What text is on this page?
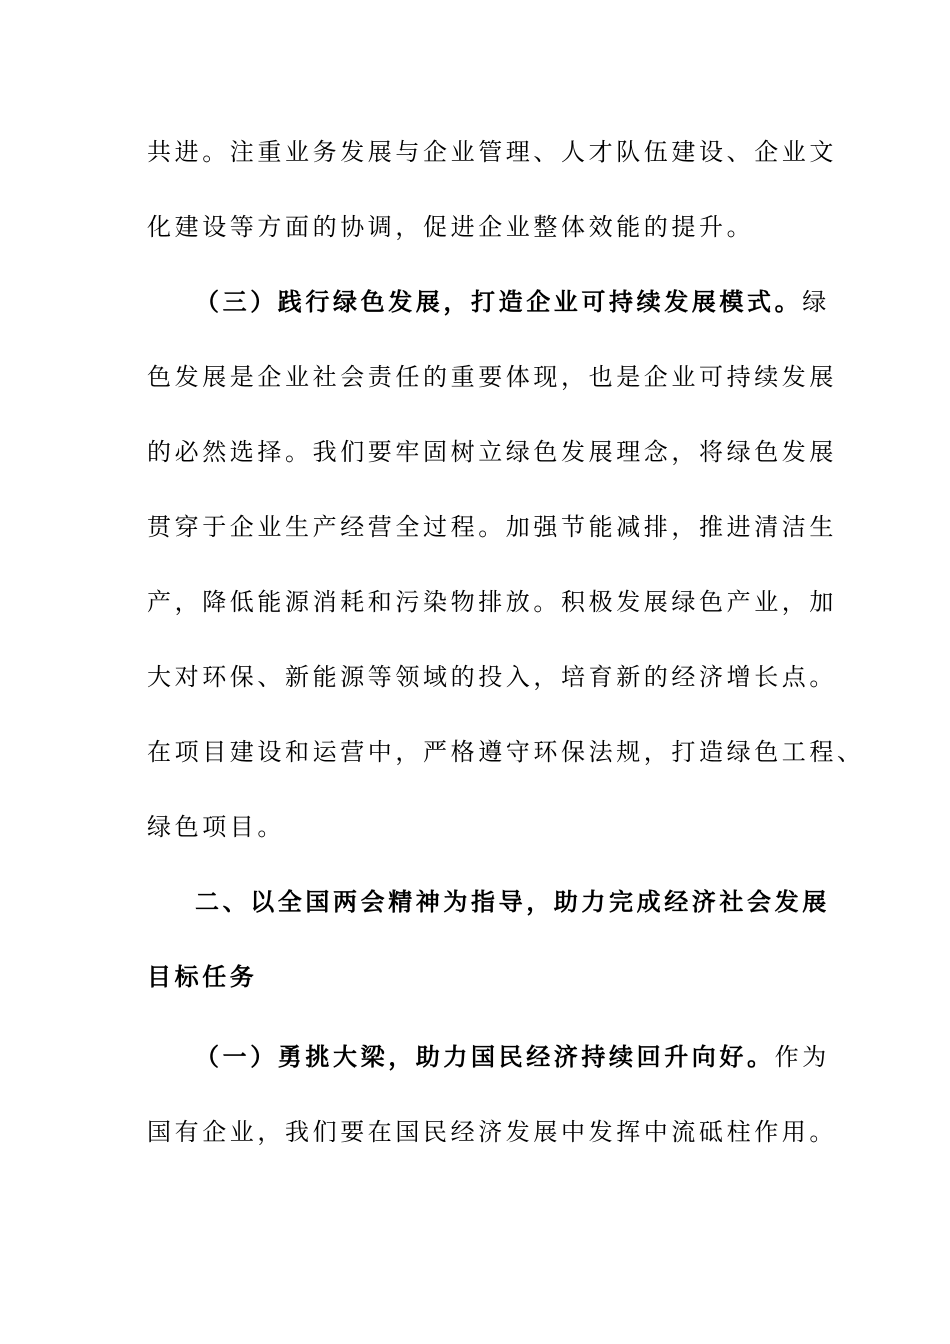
共进。注重业务发展与企业管理、人才队伍建设、企业文
化建设等方面的协调，促进企业整体效能的提升。
（三）践行绿色发展，打造企业可持续发展模式。绿
色发展是企业社会责任的重要体现，也是企业可持续发展
的必然选择。我们要牢固树立绿色发展理念，将绿色发展
贯穿于企业生产经营全过程。加强节能减排，推进清洁生
产，降低能源消耗和污染物排放。积极发展绿色产业，加
大对环保、新能源等领域的投入，培育新的经济增长点。
在项目建设和运营中，严格遵守环保法规，打造绿色工程、
绿色项目。
二、以全国两会精神为指导，助力完成经济社会发展
目标任务
（一）勇挑大梁，助力国民经济持续回升向好。作为
国有企业，我们要在国民经济发展中发挥中流砥柱作用。
